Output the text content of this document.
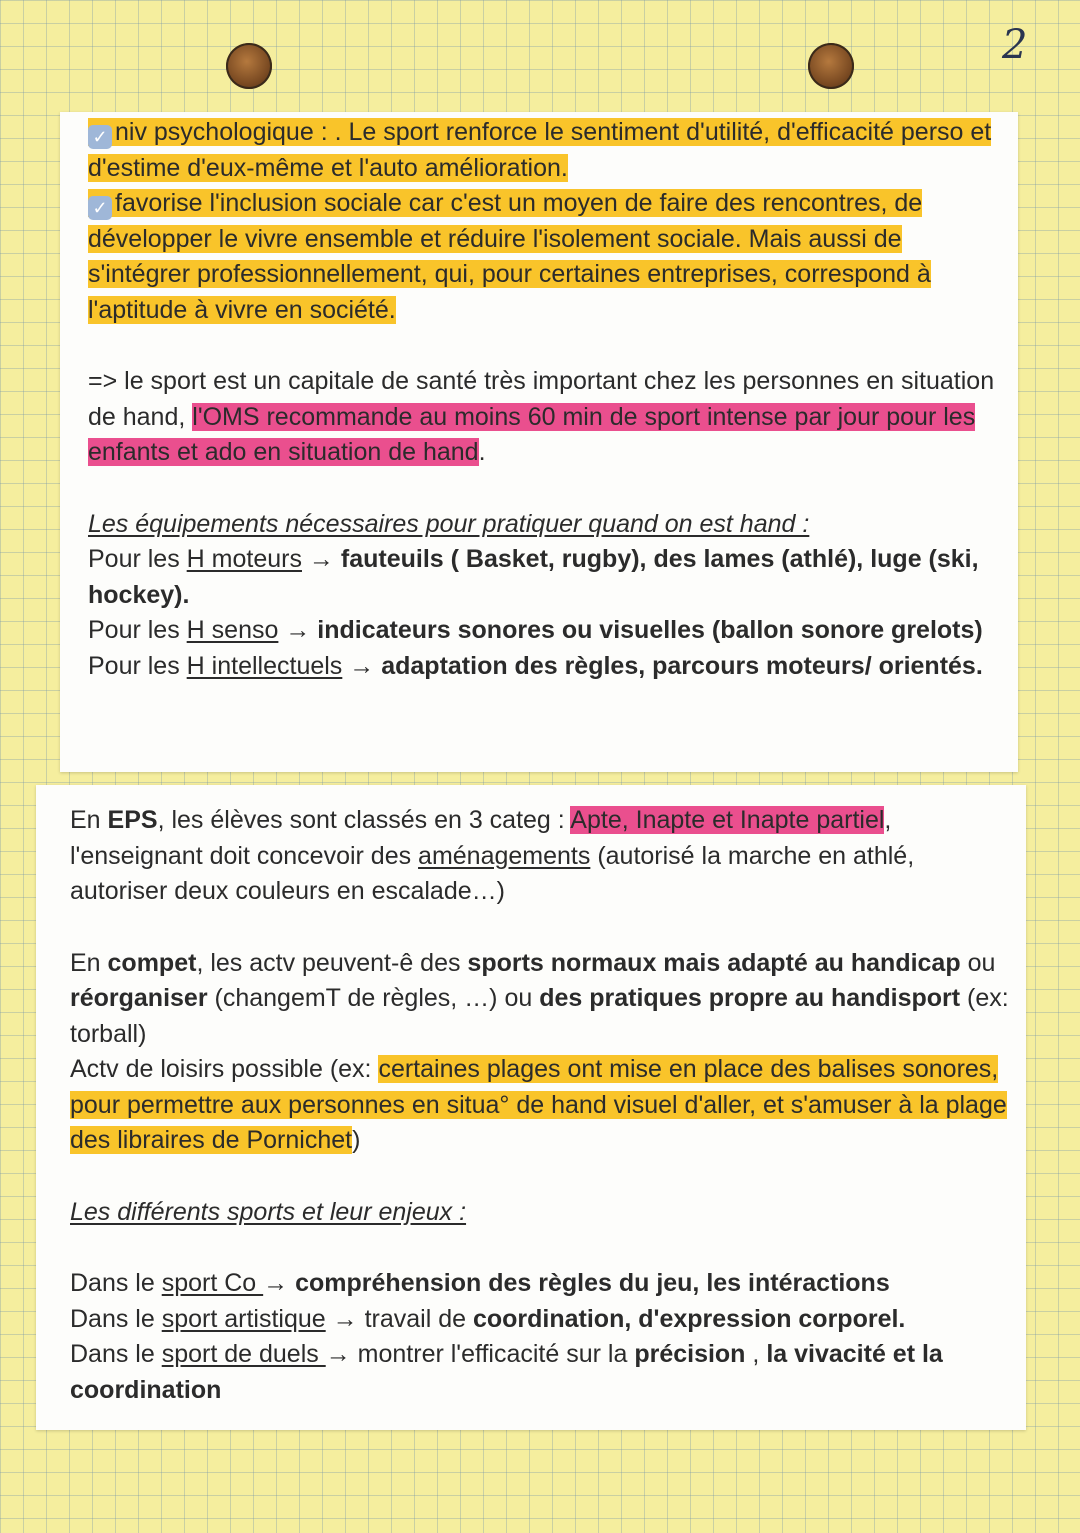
2

✓ niv psychologique : . Le sport renforce le sentiment d'utilité, d'efficacité perso et d'estime d'eux-même et l'auto amélioration.

✓ favorise l'inclusion sociale car c'est un moyen de faire des rencontres, de développer le vivre ensemble et réduire l'isolement sociale. Mais aussi de s'intégrer professionnellement, qui, pour certaines entreprises, correspond à l'aptitude à vivre en société.

=> le sport est un capitale de santé très important chez les personnes en situation de hand, l'OMS recommande au moins 60 min de sport intense par jour pour les enfants et ado en situation de hand.

Les équipements nécessaires pour pratiquer quand on est hand :

Pour les H moteurs → fauteuils ( Basket, rugby), des lames (athlé), luge (ski, hockey).

Pour les H senso → indicateurs sonores ou visuelles (ballon sonore grelots)

Pour les H intellectuels → adaptation des règles, parcours moteurs/ orientés.

En EPS, les élèves sont classés en 3 categ : Apte, Inapte et Inapte partiel, l'enseignant doit concevoir des aménagements (autorisé la marche en athlé, autoriser deux couleurs en escalade…)

En compet, les actv peuvent-ê des sports normaux mais adapté au handicap ou réorganiser (changemT de règles, …) ou des pratiques propre au handisport (ex: torball)

Actv de loisirs possible (ex: certaines plages ont mise en place des balises sonores, pour permettre aux personnes en situa° de hand visuel d'aller, et s'amuser à la plage des libraires de Pornichet)

Les différents sports et leur enjeux :

Dans le sport Co → compréhension des règles du jeu, les intéractions

Dans le sport artistique → travail de coordination, d'expression corporel.

Dans le sport de duels → montrer l'efficacité sur la précision , la vivacité et la coordination
